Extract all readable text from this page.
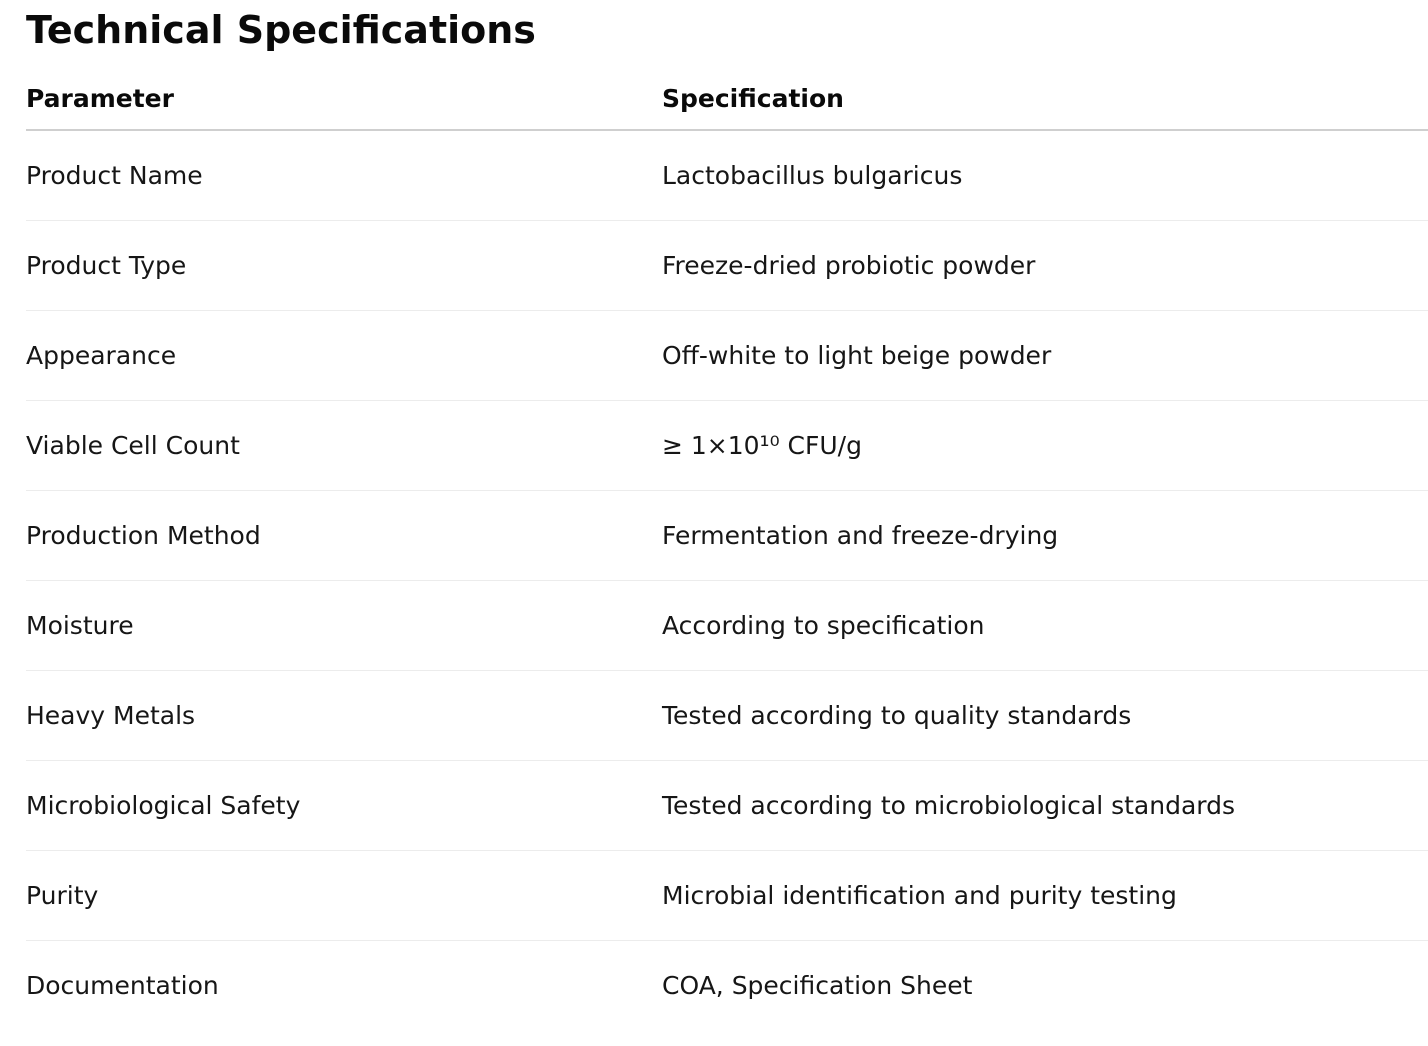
Technical Specifications
Parameter	Specification
Product Name	Lactobacillus bulgaricus
Product Type	Freeze-dried probiotic powder
Appearance	Off-white to light beige powder
Viable Cell Count	≥ 1×10¹⁰ CFU/g
Production Method	Fermentation and freeze-drying
Moisture	According to specification
Heavy Metals	Tested according to quality standards
Microbiological Safety	Tested according to microbiological standards
Purity	Microbial identification and purity testing
Documentation	COA, Specification Sheet
